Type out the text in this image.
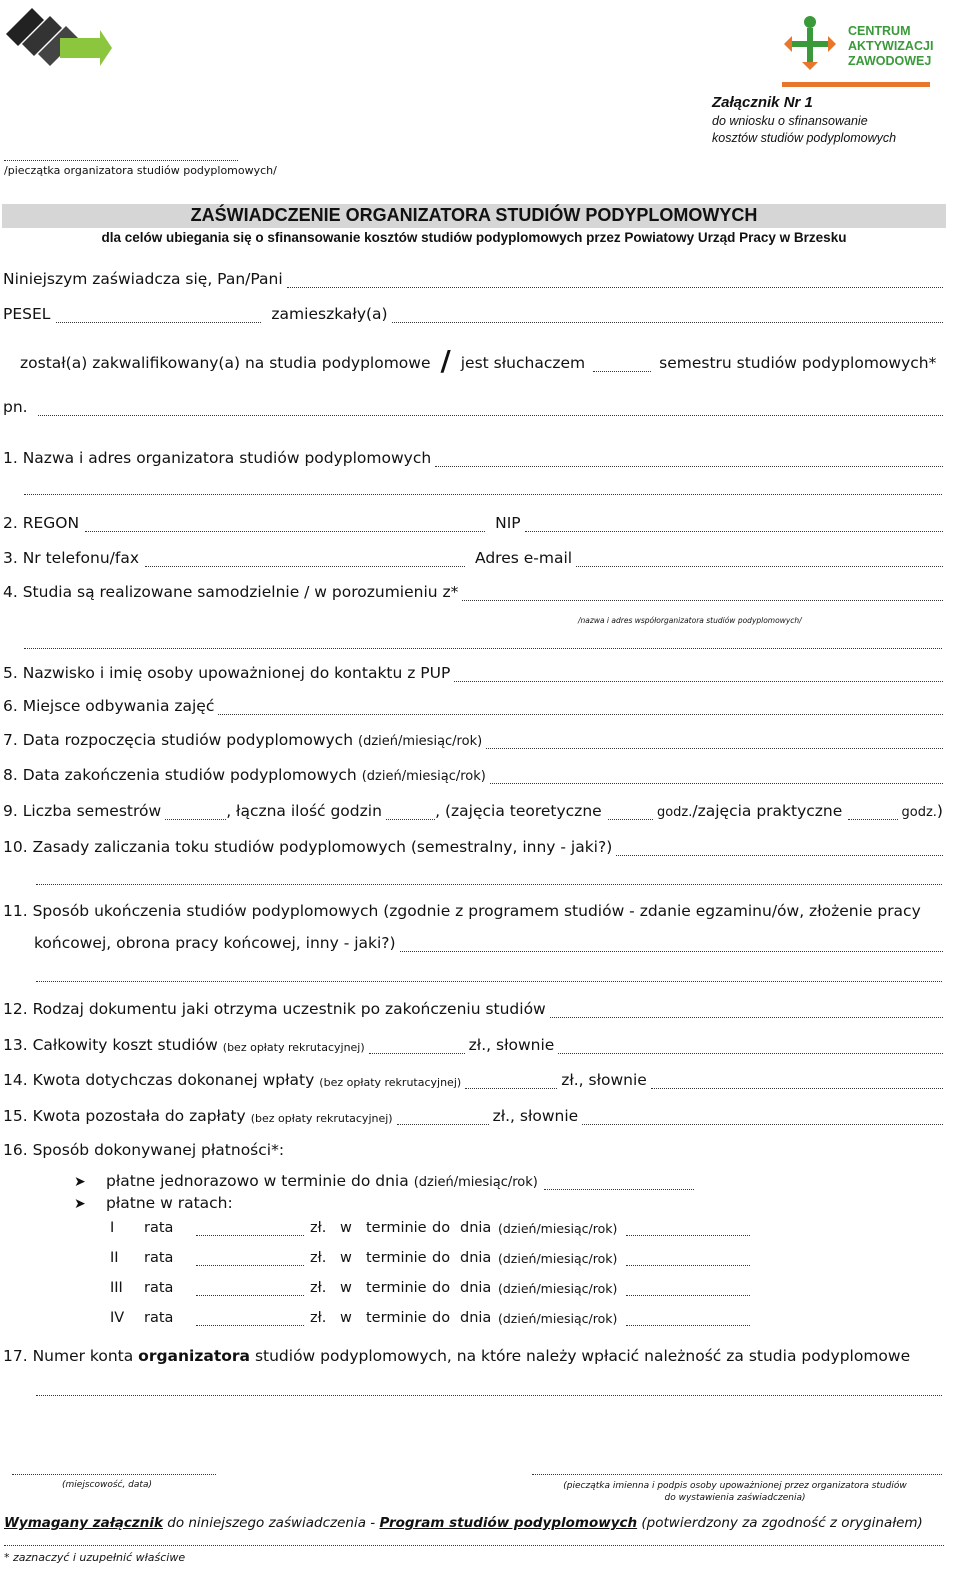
CENTRUM
AKTYWIZACJI
ZAWODOWEJ
Załącznik Nr 1
do wniosku o sfinansowanie
kosztów studiów podyplomowych
/pieczątka organizatora studiów podyplomowych/
ZAŚWIADCZENIE ORGANIZATORA STUDIÓW PODYPLOMOWYCH
dla celów ubiegania się o sfinansowanie kosztów studiów podyplomowych przez Powiatowy Urząd Pracy w Brzesku
Niniejszym zaświadcza się, Pan/Pani
PESEL	zamieszkały(a)
został(a) zakwalifikowany(a) na studia podyplomowe / jest słuchaczem	semestru studiów podyplomowych*
pn.
1. Nazwa i adres organizatora studiów podyplomowych
2. REGON	NIP
3. Nr telefonu/fax	Adres e-mail
4. Studia są realizowane samodzielnie / w porozumieniu z*
/nazwa i adres współorganizatora studiów podyplomowych/
5. Nazwisko i imię osoby upoważnionej do kontaktu z PUP
6. Miejsce odbywania zajęć
7. Data rozpoczęcia studiów podyplomowych (dzień/miesiąc/rok)
8. Data zakończenia studiów podyplomowych (dzień/miesiąc/rok)
9. Liczba semestrów	, łączna ilość godzin	, (zajęcia teoretyczne	godz. /zajęcia praktyczne	godz. )
10. Zasady zaliczania toku studiów podyplomowych (semestralny, inny - jaki?)
11. Sposób ukończenia studiów podyplomowych (zgodnie z programem studiów - zdanie egzaminu/ów, złożenie pracy
końcowej, obrona pracy końcowej, inny - jaki?)
12. Rodzaj dokumentu jaki otrzyma uczestnik po zakończeniu studiów
13. Całkowity koszt studiów (bez opłaty rekrutacyjnej)	zł., słownie
14. Kwota dotychczas dokonanej wpłaty (bez opłaty rekrutacyjnej)	zł., słownie
15. Kwota pozostała do zapłaty (bez opłaty rekrutacyjnej)	zł., słownie
16. Sposób dokonywanej płatności*:
➤	płatne jednorazowo w terminie do dnia (dzień/miesiąc/rok)
➤	płatne w ratach:
I	rata	zł. w terminie do dnia (dzień/miesiąc/rok)
II	rata	zł. w terminie do dnia (dzień/miesiąc/rok)
III	rata	zł. w terminie do dnia (dzień/miesiąc/rok)
IV	rata	zł. w terminie do dnia (dzień/miesiąc/rok)
17. Numer konta organizatora studiów podyplomowych, na które należy wpłacić należność za studia podyplomowe
(miejscowość, data)	(pieczątka imienna i podpis osoby upoważnionej przez organizatora studiów
do wystawienia zaświadczenia)
Wymagany załącznik do niniejszego zaświadczenia - Program studiów podyplomowych (potwierdzony za zgodność z oryginałem)
* zaznaczyć i uzupełnić właściwe
